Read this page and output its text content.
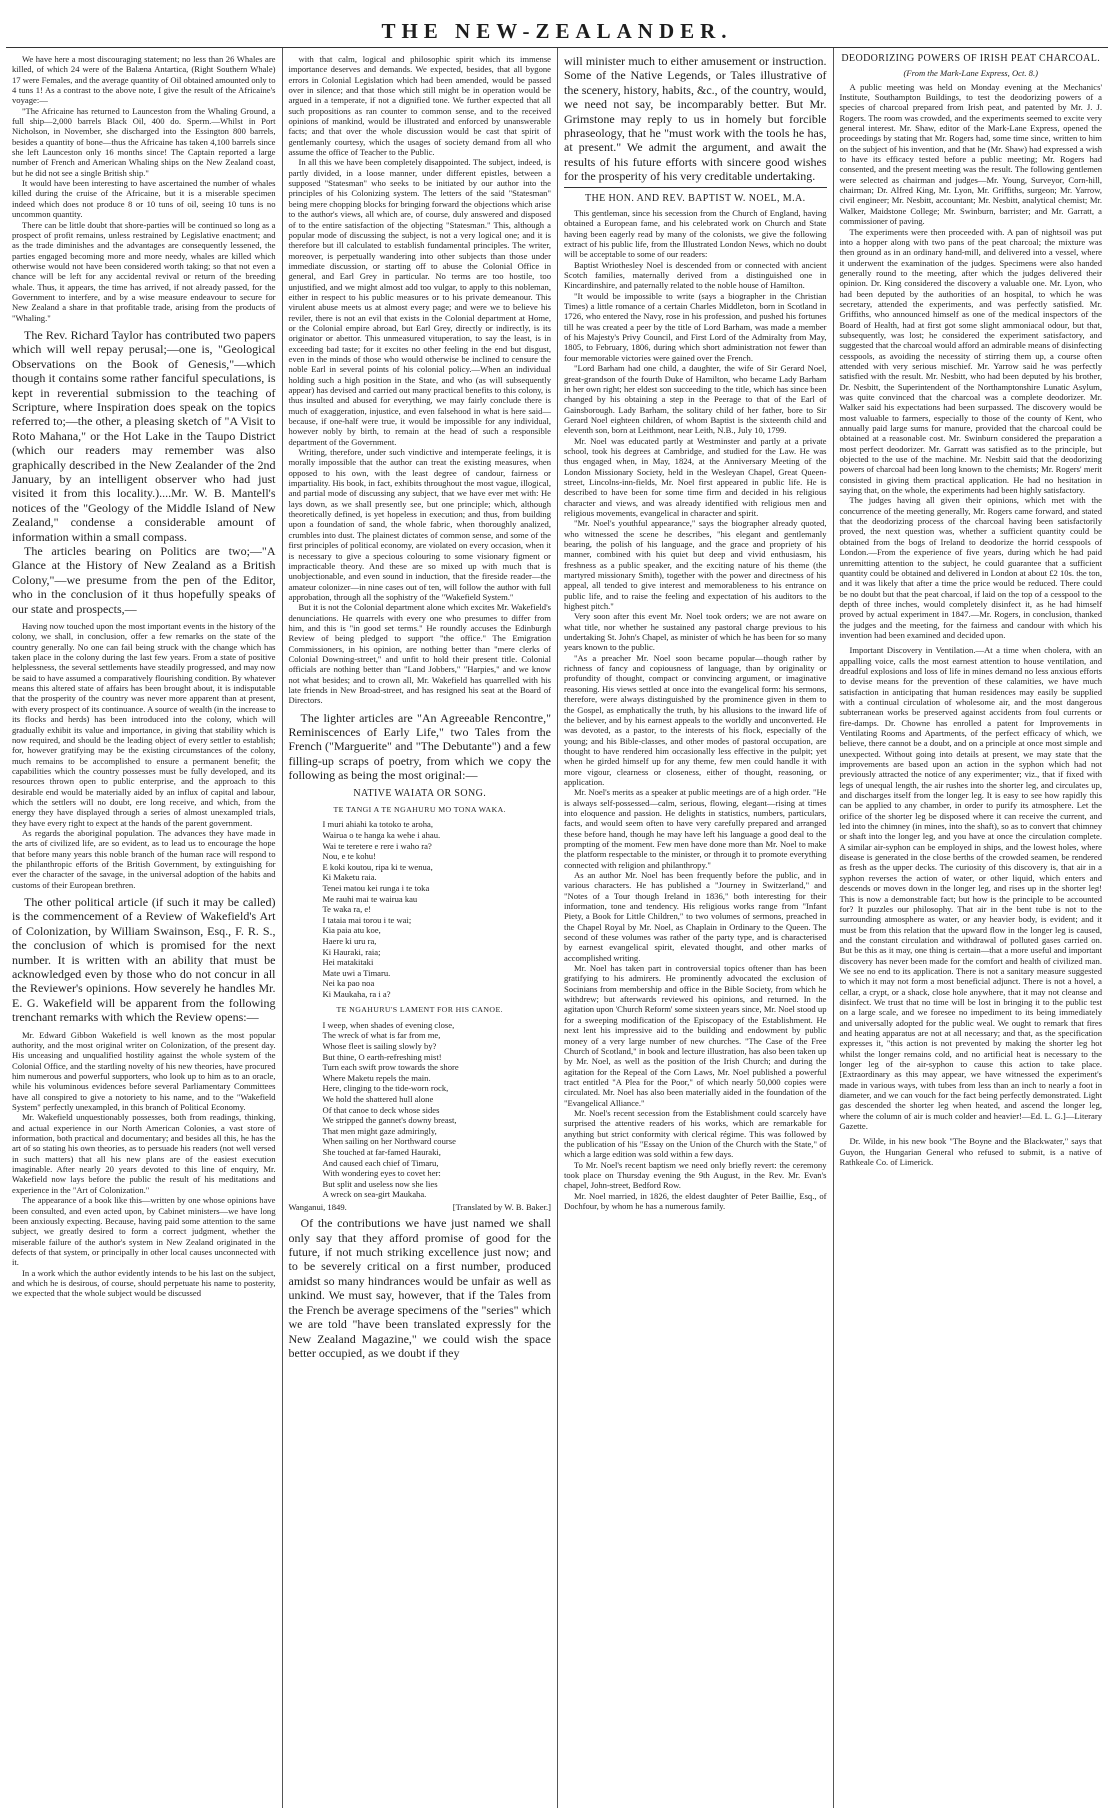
THE NEW-ZEALANDER.

We have here a most discouraging statement; no less than 26 Whales are killed, of which 24 were of the Balæna Antartica, (Right Southern Whale) 17 were Females, and the average quantity of Oil obtained amounted only to 4 tuns 1! As a contrast to the above note, I give the result of the Africaine's voyage:—

"The Africaine has returned to Launceston from the Whaling Ground, a full ship—2,000 barrels Black Oil, 400 do. Sperm.—Whilst in Port Nicholson, in November, she discharged into the Essington 800 barrels, besides a quantity of bone—thus the Africaine has taken 4,100 barrels since she left Launceston only 16 months since! The Captain reported a large number of French and American Whaling ships on the New Zealand coast, but he did not see a single British ship."

It would have been interesting to have ascertained the number of whales killed during the cruise of the Africaine, but it is a miserable specimen indeed which does not produce 8 or 10 tuns of oil, seeing 10 tuns is no uncommon quantity.

There can be little doubt that shore-parties will be continued so long as a prospect of profit remains, unless restrained by Legislative enactment; and as the trade diminishes and the advantages are consequently lessened, the parties engaged becoming more and more needy, whales are killed which otherwise would not have been considered worth taking; so that not even a chance will be left for any accidental revival or return of the breeding whale. Thus, it appears, the time has arrived, if not already passed, for the Government to interfere, and by a wise measure endeavour to secure for New Zealand a share in that profitable trade, arising from the products of "Whaling."

The Rev. Richard Taylor has contributed two papers which will well repay perusal;—one is, "Geological Observations on the Book of Genesis,"—which though it contains some rather fanciful speculations, is kept in reverential submission to the teaching of Scripture, where Inspiration does speak on the topics referred to;—the other, a pleasing sketch of "A Visit to Roto Mahana," or the Hot Lake in the Taupo District (which our readers may remember was also graphically described in the New Zealander of the 2nd January, by an intelligent observer who had just visited it from this locality.)....Mr. W. B. Mantell's notices of the "Geology of the Middle Island of New Zealand," condense a considerable amount of information within a small compass.

The articles bearing on Politics are two;—"A Glance at the History of New Zealand as a British Colony,"—we presume from the pen of the Editor, who in the conclusion of it thus hopefully speaks of our state and prospects,—

Having now touched upon the most important events in the history of the colony, we shall, in conclusion, offer a few remarks on the state of the country generally. No one can fail being struck with the change which has taken place in the colony during the last few years. From a state of positive helplessness, the several settlements have steadily progressed, and may now be said to have assumed a comparatively flourishing condition. By whatever means this altered state of affairs has been brought about, it is indisputable that the prosperity of the country was never more apparent than at present, with every prospect of its continuance. A source of wealth (in the increase to its flocks and herds) has been introduced into the colony, which will gradually exhibit its value and importance, in giving that stability which is now required, and should be the leading object of every settler to establish; for, however gratifying may be the existing circumstances of the colony, much remains to be accomplished to ensure a permanent benefit; the capabilities which the country possesses must be fully developed, and its resources thrown open to public enterprise, and the approach to this desirable end would be materially aided by an influx of capital and labour, which the settlers will no doubt, ere long receive, and which, from the energy they have displayed through a series of almost unexampled trials, they have every right to expect at the hands of the parent government.

As regards the aboriginal population. The advances they have made in the arts of civilized life, are so evident, as to lead us to encourage the hope that before many years this noble branch of the human race will respond to the philanthropic efforts of the British Government, by extinguishing for ever the character of the savage, in the universal adoption of the habits and customs of their European brethren.

The other political article (if such it may be called) is the commencement of a Review of Wakefield's Art of Colonization, by William Swainson, Esq., F. R. S., the conclusion of which is promised for the next number. It is written with an ability that must be acknowledged even by those who do not concur in all the Reviewer's opinions. How severely he handles Mr. E. G. Wakefield will be apparent from the following trenchant remarks with which the Review opens:—

Mr. Edward Gibbon Wakefield is well known as the most popular authority, and the most original writer on Colonization, of the present day. His unceasing and unqualified hostility against the whole system of the Colonial Office, and the startling novelty of his new theories, have procured him numerous and powerful supporters, who look up to him as to an oracle, while his voluminous evidences before several Parliamentary Committees have all conspired to give a notoriety to his name, and to the "Wakefield System" perfectly unexampled, in this branch of Political Economy.

Mr. Wakefield unquestionably possesses, both from readings, thinking, and actual experience in our North American Colonies, a vast store of information, both practical and documentary; and besides all this, he has the art of so stating his own theories, as to persuade his readers (not well versed in such matters) that all his new plans are of the easiest execution imaginable. After nearly 20 years devoted to this line of enquiry, Mr. Wakefield now lays before the public the result of his meditations and experience in the "Art of Colonization."

The appearance of a book like this—written by one whose opinions have been consulted, and even acted upon, by Cabinet ministers—we have long been anxiously expecting. Because, having paid some attention to the same subject, we greatly desired to form a correct judgment, whether the miserable failure of the author's system in New Zealand originated in the defects of that system, or principally in other local causes unconnected with it.

In a work which the author evidently intends to be his last on the subject, and which he is desirous, of course, should perpetuate his name to posterity, we expected that the whole subject would be discussed

with that calm, logical and philosophic spirit which its immense importance deserves and demands. We expected, besides, that all bygone errors in Colonial Legislation which had been amended, would be passed over in silence; and that those which still might be in operation would be argued in a temperate, if not a dignified tone. We further expected that all such propositions as ran counter to common sense, and to the received opinions of mankind, would be illustrated and enforced by unanswerable facts; and that over the whole discussion would be cast that spirit of gentlemanly courtesy, which the usages of society demand from all who assume the office of Teacher to the Public.

In all this we have been completely disappointed. The subject, indeed, is partly divided, in a loose manner, under different epistles, between a supposed "Statesman" who seeks to be initiated by our author into the principles of his Colonizing system. The letters of the said "Statesman" being mere chopping blocks for bringing forward the objections which arise to the author's views, all which are, of course, duly answered and disposed of to the entire satisfaction of the objecting "Statesman." This, although a popular mode of discussing the subject, is not a very logical one; and it is therefore but ill calculated to establish fundamental principles. The writer, moreover, is perpetually wandering into other subjects than those under immediate discussion, or starting off to abuse the Colonial Office in general, and Earl Grey in particular. No terms are too hostile, too unjustified, and we might almost add too vulgar, to apply to this nobleman, either in respect to his public measures or to his private demeanour. This virulent abuse meets us at almost every page; and were we to believe his reviler, there is not an evil that exists in the Colonial department at Home, or the Colonial empire abroad, but Earl Grey, directly or indirectly, is its originator or abettor. This unmeasured vituperation, to say the least, is in exceeding bad taste; for it excites no other feeling in the end but disgust, even in the minds of those who would otherwise be inclined to censure the noble Earl in several points of his colonial policy.—When an individual holding such a high position in the State, and who (as will subsequently appear) has devised and carried out many practical benefits to this colony, is thus insulted and abused for everything, we may fairly conclude there is much of exaggeration, injustice, and even falsehood in what is here said—because, if one-half were true, it would be impossible for any individual, however nobly by birth, to remain at the head of such a responsible department of the Government.

Writing, therefore, under such vindictive and intemperate feelings, it is morally impossible that the author can treat the existing measures, when opposed to his own, with the least degree of candour, fairness or impartiality. His book, in fact, exhibits throughout the most vague, illogical, and partial mode of discussing any subject, that we have ever met with: He lays down, as we shall presently see, but one principle; which, although theoretically defined, is yet hopeless in execution; and thus, from building upon a foundation of sand, the whole fabric, when thoroughly analized, crumbles into dust. The plainest dictates of common sense, and some of the first principles of political economy, are violated on every occasion, when it is necessary to give a specious colouring to some visionary figment or impracticable theory. And these are so mixed up with much that is unobjectionable, and even sound in induction, that the fireside reader—the amateur colonizer—in nine cases out of ten, will follow the author with full approbation, through all the sophistry of the "Wakefield System."

But it is not the Colonial department alone which excites Mr. Wakefield's denunciations. He quarrels with every one who presumes to differ from him, and this is "in good set terms." He roundly accuses the Edinburgh Review of being pledged to support "the office." The Emigration Commissioners, in his opinion, are nothing better than "mere clerks of Colonial Downing-street," and unfit to hold their present title. Colonial officials are nothing better than "Land Jobbers," "Harpies," and we know not what besides; and to crown all, Mr. Wakefield has quarrelled with his late friends in New Broad-street, and has resigned his seat at the Board of Directors.

The lighter articles are "An Agreeable Rencontre," Reminiscences of Early Life," two Tales from the French ("Marguerite" and "The Debutante") and a few filling-up scraps of poetry, from which we copy the following as being the most original:—

NATIVE WAIATA OR SONG.
TE TANGI A TE NGAHURU MO TONA WAKA.
I muri ahiahi ka totoko te aroha,
Wairua o te hanga ka wehe i ahau.
Wai te teretere e rere i waho ra?
Nou, e te kohu!
E koki koutou, ripa ki te wenua,
Ki Maketu raia.
Tenei matou kei runga i te toka
Me rauhi mai te wairua kau
Te waka ra, e!
I tataia mai torou i te wai;
Kia paia atu koe,
Haere ki uru ra,
Ki Hauraki, raia;
Hei matakitaki
Mate uwi a Timaru.
Nei ka pao noa
Ki Maukaha, ra i a?
TE NGAHURU'S LAMENT FOR HIS CANOE.
I weep, when shades of evening close,
The wreck of what is far from me,
Whose fleet is sailing slowly by?
But thine, O earth-refreshing mist!
Turn each swift prow towards the shore
Where Maketu repels the main.
Here, clinging to the tide-worn rock,
We hold the shattered hull alone
Of that canoe to deck whose sides
We stripped the gannet's downy breast,
That men might gaze admiringly,
When sailing on her Northward course
She touched at far-famed Hauraki,
And caused each chief of Timaru,
With wondering eyes to covet her:
But split and useless now she lies
A wreck on sea-girt Maukaha.
Wanganui, 1849.	[Translated by W. B. Baker.]

Of the contributions we have just named we shall only say that they afford promise of good for the future, if not much striking excellence just now; and to be severely critical on a first number, produced amidst so many hindrances would be unfair as well as unkind. We must say, however, that if the Tales from the French be average specimens of the "series" which we are told "have been translated expressly for the New Zealand Magazine," we could wish the space better occupied, as we doubt if they

will minister much to either amusement or instruction. Some of the Native Legends, or Tales illustrative of the scenery, history, habits, &c., of the country, would, we need not say, be incomparably better. But Mr. Grimstone may reply to us in homely but forcible phraseology, that he "must work with the tools he has, at present." We admit the argument, and await the results of his future efforts with sincere good wishes for the prosperity of his very creditable undertaking.

THE HON. AND REV. BAPTIST W. NOEL, M.A.

This gentleman, since his secession from the Church of England, having obtained a European fame, and his celebrated work on Church and State having been eagerly read by many of the colonists, we give the following extract of his public life, from the Illustrated London News, which no doubt will be acceptable to some of our readers:

Baptist Wriothesley Noel is descended from or connected with ancient Scotch families, maternally derived from a distinguished one in Kincardinshire, and paternally related to the noble house of Hamilton.

"It would be impossible to write (says a biographer in the Christian Times) a little romance of a certain Charles Middleton, born in Scotland in 1726, who entered the Navy, rose in his profession, and pushed his fortunes till he was created a peer by the title of Lord Barham, was made a member of his Majesty's Privy Council, and First Lord of the Admiralty from May, 1805, to February, 1806, during which short administration not fewer than four memorable victories were gained over the French.

"Lord Barham had one child, a daughter, the wife of Sir Gerard Noel, great-grandson of the fourth Duke of Hamilton, who became Lady Barham in her own right; her eldest son succeeding to the title, which has since been changed by his obtaining a step in the Peerage to that of the Earl of Gainsborough. Lady Barham, the solitary child of her father, bore to Sir Gerard Noel eighteen children, of whom Baptist is the sixteenth child and eleventh son, born at Leithmont, near Leith, N.B., July 10, 1799.

Mr. Noel was educated partly at Westminster and partly at a private school, took his degrees at Cambridge, and studied for the Law. He was thus engaged when, in May, 1824, at the Anniversary Meeting of the London Missionary Society, held in the Wesleyan Chapel, Great Queen-street, Lincolns-inn-fields, Mr. Noel first appeared in public life. He is described to have been for some time firm and decided in his religious character and views, and was already identified with religious men and religious movements, evangelical in character and spirit.

"Mr. Noel's youthful appearance," says the biographer already quoted, who witnessed the scene he describes, "his elegant and gentlemanly bearing, the polish of his language, and the grace and propriety of his manner, combined with his quiet but deep and vivid enthusiasm, his freshness as a public speaker, and the exciting nature of his theme (the martyred missionary Smith), together with the power and directness of his appeal, all tended to give interest and memorableness to his entrance on public life, and to raise the feeling and expectation of his auditors to the highest pitch."

Very soon after this event Mr. Noel took orders; we are not aware on what title, nor whether he sustained any pastoral charge previous to his undertaking St. John's Chapel, as minister of which he has been for so many years known to the public.

"As a preacher Mr. Noel soon became popular—though rather by richness of fancy and copiousness of language, than by originality or profundity of thought, compact or convincing argument, or imaginative reasoning. His views settled at once into the evangelical form: his sermons, therefore, were always distinguished by the prominence given in them to the Gospel, as emphatically the truth, by his allusions to the inward life of the believer, and by his earnest appeals to the worldly and unconverted. He was devoted, as a pastor, to the interests of his flock, especially of the young; and his Bible-classes, and other modes of pastoral occupation, are thought to have rendered him occasionally less effective in the pulpit; yet when he girded himself up for any theme, few men could handle it with more vigour, clearness or closeness, either of thought, reasoning, or application.

Mr. Noel's merits as a speaker at public meetings are of a high order. "He is always self-possessed—calm, serious, flowing, elegant—rising at times into eloquence and passion. He delights in statistics, numbers, particulars, facts, and would seem often to have very carefully prepared and arranged these before hand, though he may have left his language a good deal to the prompting of the moment. Few men have done more than Mr. Noel to make the platform respectable to the minister, or through it to promote everything connected with religion and philanthropy."

As an author Mr. Noel has been frequently before the public, and in various characters. He has published a "Journey in Switzerland," and "Notes of a Tour though Ireland in 1836," both interesting for their information, tone and tendency. His religious works range from "Infant Piety, a Book for Little Children," to two volumes of sermons, preached in the Chapel Royal by Mr. Noel, as Chaplain in Ordinary to the Queen. The second of these volumes was rather of the party type, and is characterised by earnest evangelical spirit, elevated thought, and other marks of accomplished writing.

Mr. Noel has taken part in controversial topics oftener than has been gratifying to his admirers. He prominently advocated the exclusion of Socinians from membership and office in the Bible Society, from which he withdrew; but afterwards reviewed his opinions, and returned. In the agitation upon 'Church Reform' some sixteen years since, Mr. Noel stood up for a sweeping modification of the Episcopacy of the Establishment. He next lent his impressive aid to the building and endowment by public money of a very large number of new churches. "The Case of the Free Church of Scotland," in book and lecture illustration, has also been taken up by Mr. Noel, as well as the position of the Irish Church; and during the agitation for the Repeal of the Corn Laws, Mr. Noel published a powerful tract entitled "A Plea for the Poor," of which nearly 50,000 copies were circulated. Mr. Noel has also been materially aided in the foundation of the "Evangelical Alliance."

Mr. Noel's recent secession from the Establishment could scarcely have surprised the attentive readers of his works, which are remarkable for anything but strict conformity with clerical régime. This was followed by the publication of his "Essay on the Union of the Church with the State," of which a large edition was sold within a few days.

To Mr. Noel's recent baptism we need only briefly revert: the ceremony took place on Thursday evening the 9th August, in the Rev. Mr. Evan's chapel, John-street, Bedford Row.

Mr. Noel married, in 1826, the eldest daughter of Peter Baillie, Esq., of Dochfour, by whom he has a numerous family.

DEODORIZING POWERS OF IRISH PEAT CHARCOAL.
(From the Mark-Lane Express, Oct. 8.)

A public meeting was held on Monday evening at the Mechanics' Institute, Southampton Buildings, to test the deodorizing powers of a species of charcoal prepared from Irish peat, and patented by Mr. J. J. Rogers. The room was crowded, and the experiments seemed to excite very general interest. Mr. Shaw, editor of the Mark-Lane Express, opened the proceedings by stating that Mr. Rogers had, some time since, written to him on the subject of his invention, and that he (Mr. Shaw) had expressed a wish to have its efficacy tested before a public meeting; Mr. Rogers had consented, and the present meeting was the result. The following gentlemen were selected as chairman and judges—Mr. Young, Surveyor, Corn-hill, chairman; Dr. Alfred King, Mr. Lyon, Mr. Griffiths, surgeon; Mr. Yarrow, civil engineer; Mr. Nesbitt, accountant; Mr. Nesbitt, analytical chemist; Mr. Walker, Maidstone College; Mr. Swinburn, barrister; and Mr. Garratt, a commissioner of paving.

The experiments were then proceeded with. A pan of nightsoil was put into a hopper along with two pans of the peat charcoal; the mixture was then ground as in an ordinary hand-mill, and delivered into a vessel, where it underwent the examination of the judges. Specimens were also handed generally round to the meeting, after which the judges delivered their opinion. Dr. King considered the discovery a valuable one. Mr. Lyon, who had been deputed by the authorities of an hospital, to which he was secretary, attended the experiments, and was perfectly satisfied. Mr. Griffiths, who announced himself as one of the medical inspectors of the Board of Health, had at first got some slight ammoniacal odour, but that, subsequently, was lost; he considered the experiment satisfactory, and suggested that the charcoal would afford an admirable means of disinfecting cesspools, as avoiding the necessity of stirring them up, a course often attended with very serious mischief. Mr. Yarrow said he was perfectly satisfied with the result. Mr. Nesbitt, who had been deputed by his brother, Dr. Nesbitt, the Superintendent of the Northamptonshire Lunatic Asylum, was quite convinced that the charcoal was a complete deodorizer. Mr. Walker said his expectations had been surpassed. The discovery would be most valuable to farmers, especially to those of the county of Kent, who annually paid large sums for manure, provided that the charcoal could be obtained at a reasonable cost. Mr. Swinburn considered the preparation a most perfect deodorizer. Mr. Garratt was satisfied as to the principle, but objected to the use of the machine. Mr. Nesbitt said that the deodorizing powers of charcoal had been long known to the chemists; Mr. Rogers' merit consisted in giving them practical application. He had no hesitation in saying that, on the whole, the experiments had been highly satisfactory.

The judges having all given their opinions, which met with the concurrence of the meeting generally, Mr. Rogers came forward, and stated that the deodorizing process of the charcoal having been satisfactorily proved, the next question was, whether a sufficient quantity could be obtained from the bogs of Ireland to deodorize the horrid cesspools of London.—From the experience of five years, during which he had paid unremitting attention to the subject, he could guarantee that a sufficient quantity could be obtained and delivered in London at about £2 10s. the ton, and it was likely that after a time the price would be reduced. There could be no doubt but that the peat charcoal, if laid on the top of a cesspool to the depth of three inches, would completely disinfect it, as he had himself proved by actual experiment in 1847.—Mr. Rogers, in conclusion, thanked the judges and the meeting, for the fairness and candour with which his invention had been examined and decided upon.

Important Discovery in Ventilation.—At a time when cholera, with an appalling voice, calls the most earnest attention to house ventilation, and dreadful explosions and loss of life in mines demand no less anxious efforts to devise means for the prevention of these calamities, we have much satisfaction in anticipating that human residences may easily be supplied with a continual circulation of wholesome air, and the most dangerous subterranean works be preserved against accidents from foul currents or fire-damps. Dr. Chowne has enrolled a patent for Improvements in Ventilating Rooms and Apartments, of the perfect efficacy of which, we believe, there cannot be a doubt, and on a principle at once most simple and unexpected. Without going into details at present, we may state that the improvements are based upon an action in the syphon which had not previously attracted the notice of any experimenter; viz., that if fixed with legs of unequal length, the air rushes into the shorter leg, and circulates up, and discharges itself from the longer leg. It is easy to see how rapidly this can be applied to any chamber, in order to purify its atmosphere. Let the orifice of the shorter leg be disposed where it can receive the current, and led into the chimney (in mines, into the shaft), so as to convert that chimney or shaft into the longer leg, and you have at once the circulation complete. A similar air-syphon can be employed in ships, and the lowest holes, where disease is generated in the close berths of the crowded seamen, be rendered as fresh as the upper decks. The curiosity of this discovery is, that air in a syphon reverses the action of water, or other liquid, which enters and descends or moves down in the longer leg, and rises up in the shorter leg! This is now a demonstrable fact; but how is the principle to be accounted for? It puzzles our philosophy. That air in the bent tube is not to the surrounding atmosphere as water, or any heavier body, is evident; and it must be from this relation that the upward flow in the longer leg is caused, and the constant circulation and withdrawal of polluted gases carried on. But be this as it may, one thing is certain—that a more useful and important discovery has never been made for the comfort and health of civilized man. We see no end to its application. There is not a sanitary measure suggested to which it may not form a most beneficial adjunct. There is not a hovel, a cellar, a crypt, or a shack, close hole anywhere, that it may not cleanse and disinfect. We trust that no time will be lost in bringing it to the public test on a large scale, and we foresee no impediment to its being immediately and universally adopted for the public weal. We ought to remark that fires and heating apparatus are not at all necessary; and that, as the specification expresses it, "this action is not prevented by making the shorter leg hot whilst the longer remains cold, and no artificial heat is necessary to the longer leg of the air-syphon to cause this action to take place. [Extraordinary as this may appear, we have witnessed the experiment's made in various ways, with tubes from less than an inch to nearly a foot in diameter, and we can vouch for the fact being perfectly demonstrated. Light gas descended the shorter leg when heated, and ascend the longer leg, where the column of air is much colder and heavier!—Ed. L. G.]—Literary Gazette.

Dr. Wilde, in his new book "The Boyne and the Blackwater," says that Guyon, the Hungarian General who refused to submit, is a native of Rathkeale Co. of Limerick.
